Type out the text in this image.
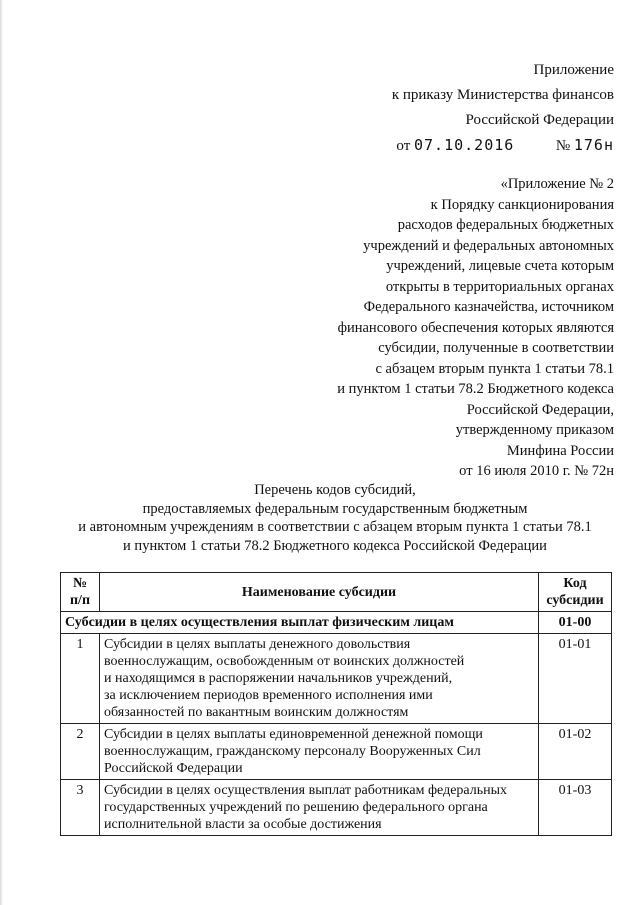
Приложение
к приказу Министерства финансов
Российской Федерации
от 07.10.2016	№ 176н
«Приложение № 2
к Порядку санкционирования
расходов федеральных бюджетных
учреждений и федеральных автономных
учреждений, лицевые счета которым
открыты в территориальных органах
Федерального казначейства, источником
финансового обеспечения которых являются
субсидии, полученные в соответствии
с абзацем вторым пункта 1 статьи 78.1
и пунктом 1 статьи 78.2 Бюджетного кодекса
Российской Федерации,
утвержденному приказом
Минфина России
от 16 июля 2010 г. № 72н
Перечень кодов субсидий,
предоставляемых федеральным государственным бюджетным
и автономным учреждениям в соответствии с абзацем вторым пункта 1 статьи 78.1
и пунктом 1 статьи 78.2 Бюджетного кодекса Российской Федерации
№
п/п	Наименование субсидии	Код
субсидии
Субсидии в целях осуществления выплат физическим лицам		01-00
1	Субсидии в целях выплаты денежного довольствия
военнослужащим, освобожденным от воинских должностей
и находящимся в распоряжении начальников учреждений,
за исключением периодов временного исполнения ими
обязанностей по вакантным воинским должностям	01-01
2	Субсидии в целях выплаты единовременной денежной помощи
военнослужащим, гражданскому персоналу Вооруженных Сил
Российской Федерации	01-02
3	Субсидии в целях осуществления выплат работникам федеральных
государственных учреждений по решению федерального органа
исполнительной власти за особые достижения	01-03
